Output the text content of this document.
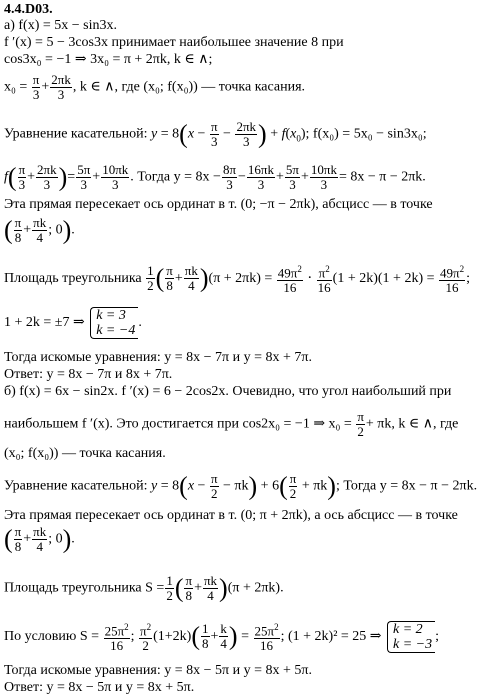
4.4.D03.
а) f(x) = 5x − sin3x.
f ′(x) = 5 − 3cos3x принимает наибольшее значение 8 при
cos3x₀ = −1 ⇒ 3x₀ = π + 2πk, k ∈ ∧;
$x_0 = \frac{\pi}{3} + \frac{2\pi k}{3}$ , k ∈ ∧, где (x₀; f(x₀)) — точка касания.
Уравнение касательной: $y = 8(x - \frac{\pi}{3} - \frac{2\pi k}{3}$ ) + $f(x_0)$; f(x₀) = 5x₀ − sin3x₀;
$f( \frac{\pi}{3} + \frac{2\pi k}{3}$ )= $\frac{5\pi}{3} + \frac{10\pi k}{3}$ . Тогда $y = 8x - \frac{8\pi}{3} - \frac{16\pi k}{3} + \frac{5\pi}{3} + \frac{10\pi k}{3} = 8x - \pi - 2\pi k$.
Эта прямая пересекает ось ординат в т. (0; −π − 2πk), абсцисс — в точке
( $\frac{\pi}{8} + \frac{\pi k}{4}$ ; 0).
Площадь треугольника $\frac{1}{2}$ ( $\frac{\pi}{8} + \frac{\pi k}{4} )(\pi + 2\pi k) = \frac{49\pi^2}{16} \cdot \frac{\pi^2}{16} (1 + 2k)(1 + 2k) = \frac{49\pi^2}{16}$ ;
1 + 2k = ±7 ⇒ k = 3
k = −4
.
Тогда искомые уравнения: y = 8x − 7π и y = 8x + 7π.
Ответ: y = 8x − 7π и 8x + 7π.
б) f(x) = 6x − sin2x. f ′(x) = 6 − 2cos2x. Очевидно, что угол наибольший при
наибольшем f ′(x). Это достигается при cos2x₀ = −1 ⇒ $x_0 = \frac{\pi}{2} + \pi k$, k ∈ ∧, где
(x₀; f(x₀)) — точка касания.
Уравнение касательной: $y = 8(x - \frac{\pi}{2} - \pi k) + 6( \frac{\pi}{2} + \pi k)$; Тогда y = 8x − π − 2πk.
Эта прямая пересекает ось ординат в т. (0; π + 2πk), а ось абсцисс — в точке
( $\frac{\pi}{8} + \frac{\pi k}{4}$ ; 0).
Площадь треугольника $S = \frac{1}{2}$ ( $\frac{\pi}{8} + \frac{\pi k}{4} )(\pi + 2\pi k)$.
По условию $S = \frac{25\pi^2}{16}$ ; $\frac{\pi^2}{2} (1+2k)( \frac{1}{8} + \frac{k}{4}$ ) = $\frac{25\pi^2}{16}$ ; (1 + 2k)² = 25 ⇒ k = 2
k = −3
;
Тогда искомые уравнения: y = 8x − 5π и y = 8x + 5π.
Ответ: y = 8x − 5π и y = 8x + 5π.
